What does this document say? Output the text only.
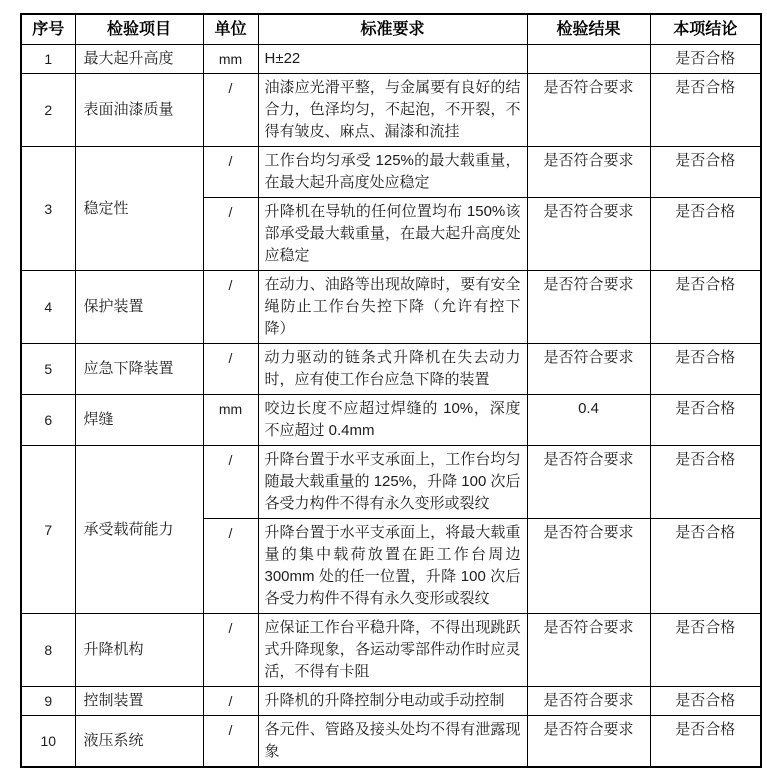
序号	检验项目	单位	标准要求	检验结果	本项结论
1	最大起升高度	mm	H±22		是否合格
2	表面油漆质量	/	油漆应光滑平整，与金属要有良好的结合力，色泽均匀，不起泡，不开裂，不得有皱皮、麻点、漏漆和流挂	是否符合要求	是否合格
3	稳定性	/	工作台均匀承受 125%的最大载重量，在最大起升高度处应稳定	是否符合要求	是否合格
		/	升降机在导轨的任何位置均布 150%该部承受最大载重量，在最大起升高度处应稳定	是否符合要求	是否合格
4	保护装置	/	在动力、油路等出现故障时，要有安全绳防止工作台失控下降（允许有控下降）	是否符合要求	是否合格
5	应急下降装置	/	动力驱动的链条式升降机在失去动力时，应有使工作台应急下降的装置	是否符合要求	是否合格
6	焊缝	mm	咬边长度不应超过焊缝的 10%，深度不应超过 0.4mm	0.4	是否合格
7	承受载荷能力	/	升降台置于水平支承面上，工作台均匀随最大载重量的 125%，升降 100 次后各受力构件不得有永久变形或裂纹	是否符合要求	是否合格
		/	升降台置于水平支承面上，将最大载重量的集中载荷放置在距工作台周边 300mm 处的任一位置，升降 100 次后各受力构件不得有永久变形或裂纹	是否符合要求	是否合格
8	升降机构	/	应保证工作台平稳升降，不得出现跳跃式升降现象，各运动零部件动作时应灵活，不得有卡阻	是否符合要求	是否合格
9	控制装置	/	升降机的升降控制分电动或手动控制	是否符合要求	是否合格
10	液压系统	/	各元件、管路及接头处均不得有泄露现象	是否符合要求	是否合格
